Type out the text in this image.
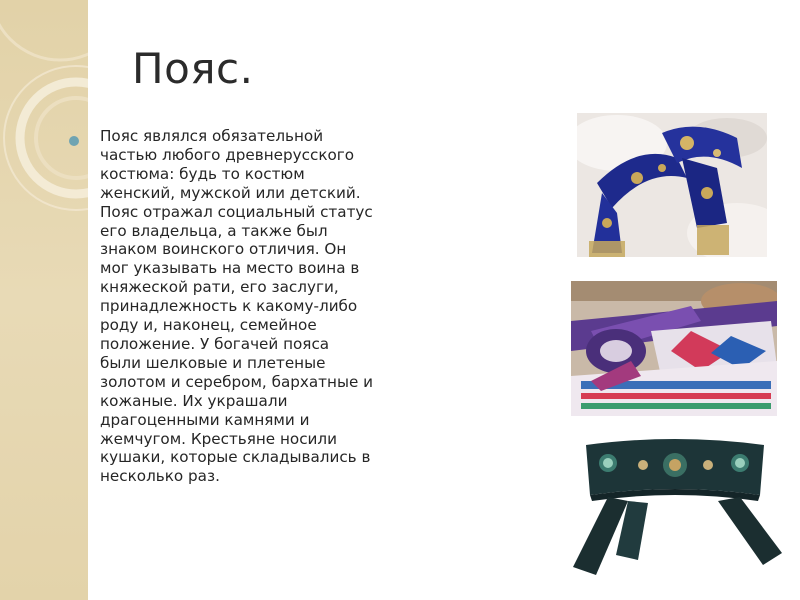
Пояс.

Пояс являлся обязательной
частью любого древнерусского
костюма: будь то костюм
женский, мужской или детский.
Пояс отражал социальный статус
его владельца, а также был
знаком воинского отличия. Он
мог указывать на место воина в
княжеской рати, его заслуги,
принадлежность к какому-либо
роду и, наконец, семейное
положение. У богачей пояса
были шелковые и плетеные
золотом и серебром, бархатные и
кожаные. Их украшали
драгоценными камнями и
жемчугом. Крестьяне носили
кушаки, которые складывались в
несколько раз.
